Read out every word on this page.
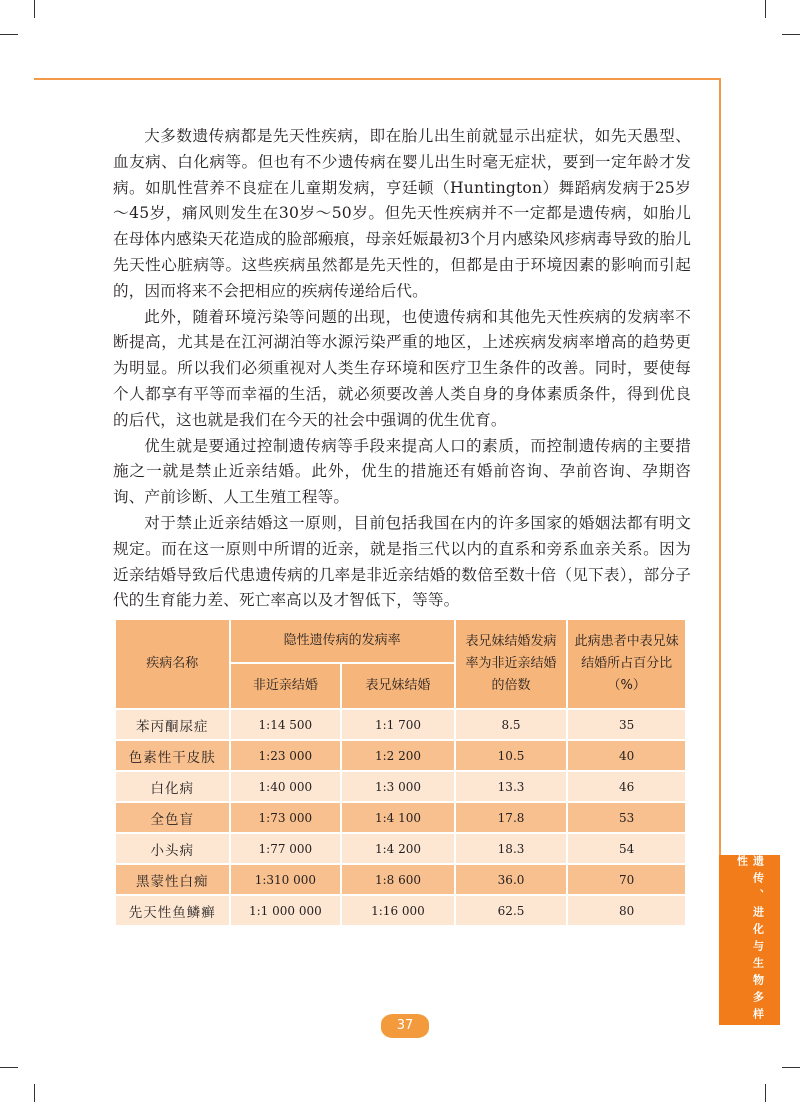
大多数遗传病都是先天性疾病，即在胎儿出生前就显示出症状，如先天愚型、血友病、白化病等。但也有不少遗传病在婴儿出生时毫无症状，要到一定年龄才发病。如肌性营养不良症在儿童期发病，亨廷顿（Huntington）舞蹈病发病于25岁～45岁，痛风则发生在30岁～50岁。但先天性疾病并不一定都是遗传病，如胎儿在母体内感染天花造成的脸部瘢痕，母亲妊娠最初3个月内感染风疹病毒导致的胎儿先天性心脏病等。这些疾病虽然都是先天性的，但都是由于环境因素的影响而引起的，因而将来不会把相应的疾病传递给后代。

此外，随着环境污染等问题的出现，也使遗传病和其他先天性疾病的发病率不断提高，尤其是在江河湖泊等水源污染严重的地区，上述疾病发病率增高的趋势更为明显。所以我们必须重视对人类生存环境和医疗卫生条件的改善。同时，要使每个人都享有平等而幸福的生活，就必须要改善人类自身的身体素质条件，得到优良的后代，这也就是我们在今天的社会中强调的优生优育。

优生就是要通过控制遗传病等手段来提高人口的素质，而控制遗传病的主要措施之一就是禁止近亲结婚。此外，优生的措施还有婚前咨询、孕前咨询、孕期咨询、产前诊断、人工生殖工程等。

对于禁止近亲结婚这一原则，目前包括我国在内的许多国家的婚姻法都有明文规定。而在这一原则中所谓的近亲，就是指三代以内的直系和旁系血亲关系。因为近亲结婚导致后代患遗传病的几率是非近亲结婚的数倍至数十倍（见下表），部分子代的生育能力差、死亡率高以及才智低下，等等。

疾病名称	隐性遗传病的发病率		表兄妹结婚发病率为非近亲结婚的倍数	此病患者中表兄妹结婚所占百分比（%）
	非近亲结婚	表兄妹结婚		
苯丙酮尿症	1:14 500	1:1 700	8.5	35
色素性干皮肤	1:23 000	1:2 200	10.5	40
白化病	1:40 000	1:3 000	13.3	46
全色盲	1:73 000	1:4 100	17.8	53
小头病	1:77 000	1:4 200	18.3	54
黑蒙性白痴	1:310 000	1:8 600	36.0	70
先天性鱼鳞癣	1:1 000 000	1:16 000	62.5	80	遗传、进化与生物多样性
37
